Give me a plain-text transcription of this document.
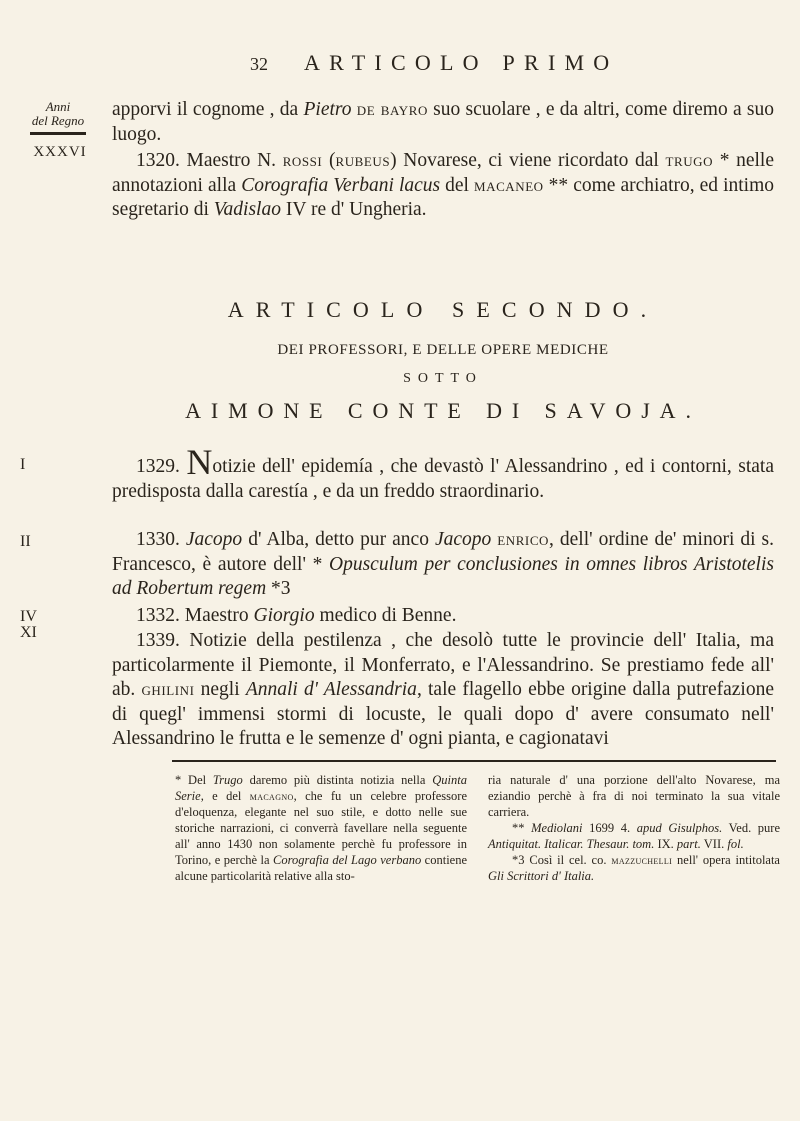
32 ARTICOLO PRIMO
Anni
del Regno
XXXVI
I
II
IV
XI
apporvi il cognome , da Pietro de bayro suo scuolare , e da altri, come diremo a suo luogo.
1320. Maestro N. rossi (rubeus) Novarese, ci viene ricordato dal trugo * nelle annotazioni alla Corografia Verbani lacus del macaneo ** come archiatro, ed intimo segretario di Vadislao IV re d' Ungheria.
ARTICOLO SECONDO.
DEI PROFESSORI, E DELLE OPERE MEDICHE
SOTTO
AIMONE CONTE DI SAVOJA.
1329. Notizie dell' epidemía , che devastò l' Alessandrino , ed i contorni, stata predisposta dalla carestía , e da un freddo straordinario.
1330. Jacopo d' Alba, detto pur anco Jacopo enrico, dell' ordine de' minori di s. Francesco, è autore dell' * Opusculum per conclusiones in omnes libros Aristotelis ad Robertum regem *3
1332. Maestro Giorgio medico di Benne.
1339. Notizie della pestilenza , che desolò tutte le provincie dell' Italia, ma particolarmente il Piemonte, il Monferrato, e l'Alessandrino. Se prestiamo fede all' ab. ghilini negli Annali d' Alessandria, tale flagello ebbe origine dalla putrefazione di quegl' immensi stormi di locuste, le quali dopo d' avere consumato nell' Alessandrino le frutta e le semenze d' ogni pianta, e cagionatavi
* Del Trugo daremo più distinta notizia nella Quinta Serie, e del macagno, che fu un celebre professore d'eloquenza, elegante nel suo stile, e dotto nelle sue storiche narrazioni, ci converrà favellare nella seguente all' anno 1430 non solamente perchè fu professore in Torino, e perchè la Corografia del Lago verbano contiene alcune particolarità relative alla sto-
ria naturale d' una porzione dell'alto Novarese, ma eziandio perchè à fra di noi terminato la sua vitale carriera.
** Mediolani 1699 4. apud Gisulphos. Ved. pure Antiquitat. Italicar. Thesaur. tom. IX. part. VII. fol.
*3 Così il cel. co. mazzuchelli nell' opera intitolata Gli Scrittori d' Italia.
